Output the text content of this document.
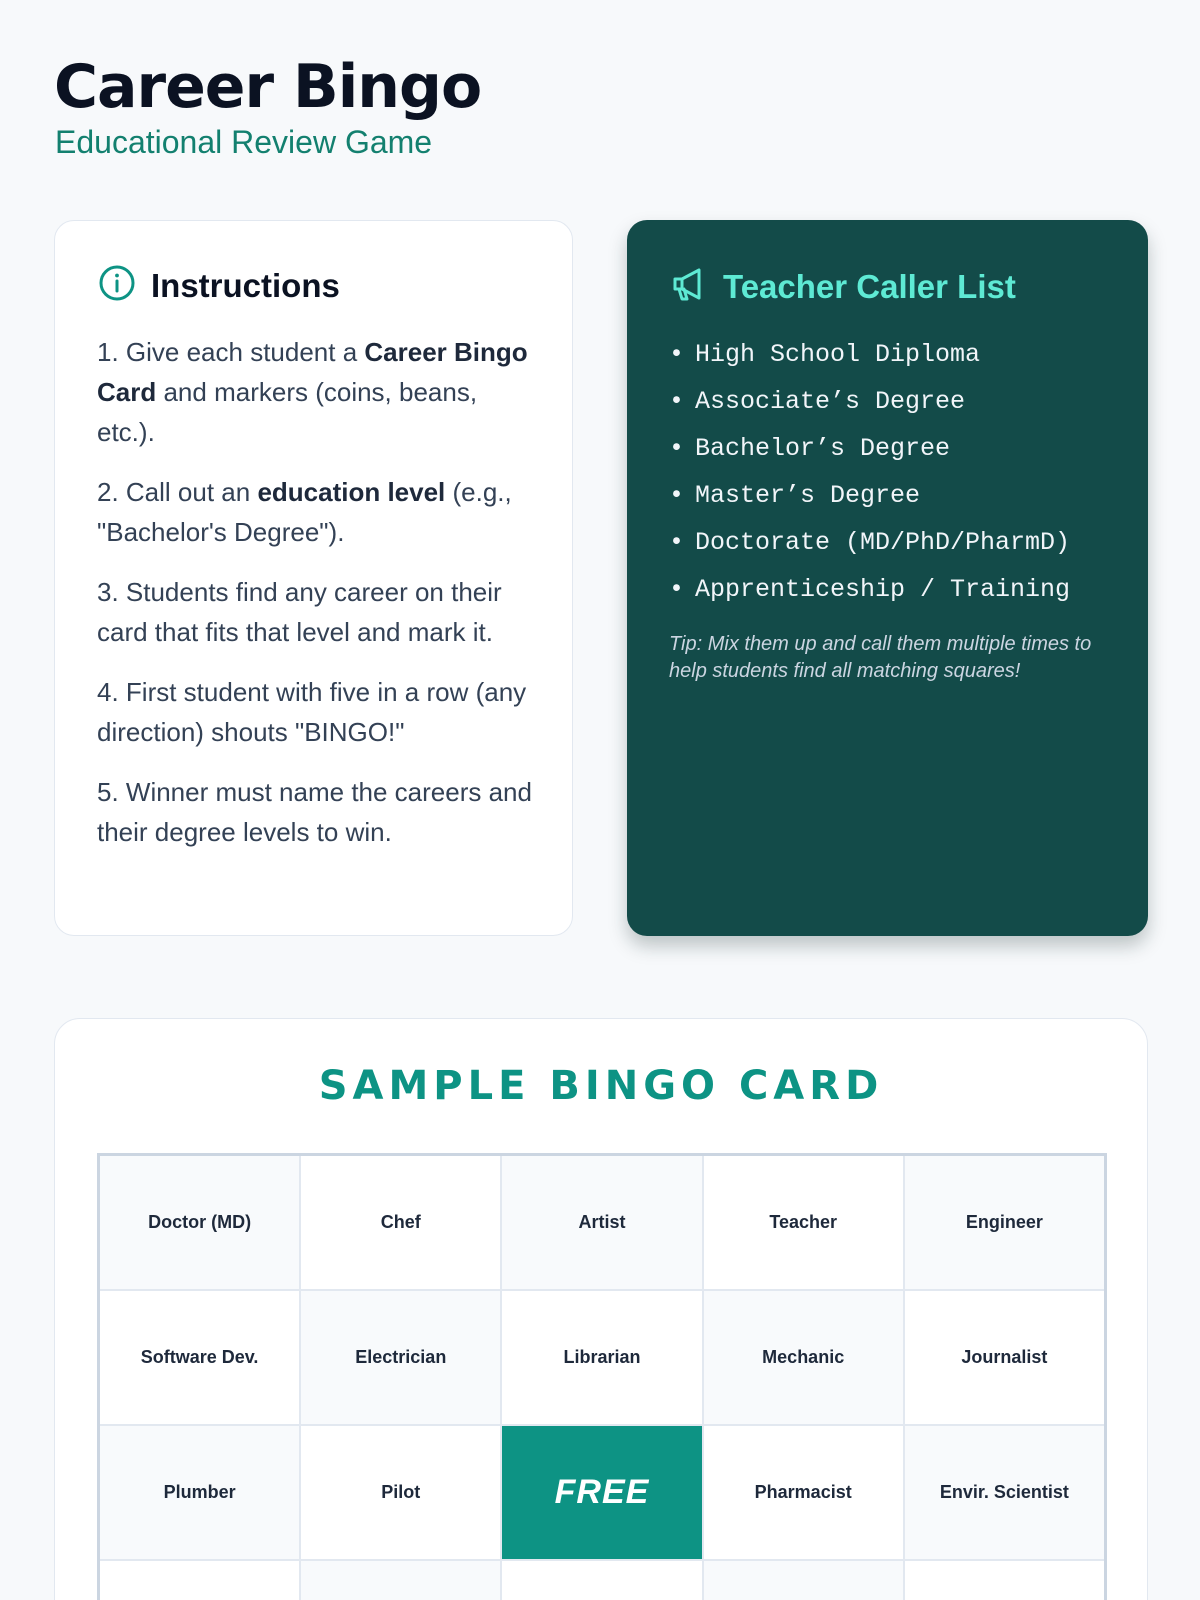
Career Bingo
Educational Review Game
Instructions

1. Give each student a Career Bingo Card and markers (coins, beans, etc.).

2. Call out an education level (e.g., "Bachelor's Degree").

3. Students find any career on their card that fits that level and mark it.

4. First student with five in a row (any direction) shouts "BINGO!"

5. Winner must name the careers and their degree levels to win.

Teacher Caller List
• High School Diploma
• Associate’s Degree
• Bachelor’s Degree
• Master’s Degree
• Doctorate (MD/PhD/PharmD)
• Apprenticeship / Training

Tip: Mix them up and call them multiple times to help students find all matching squares!

SAMPLE BINGO CARD
Doctor (MD)	Chef	Artist	Teacher	Engineer
Software Dev.	Electrician	Librarian	Mechanic	Journalist
Plumber	Pilot	FREE	Pharmacist	Envir. Scientist
